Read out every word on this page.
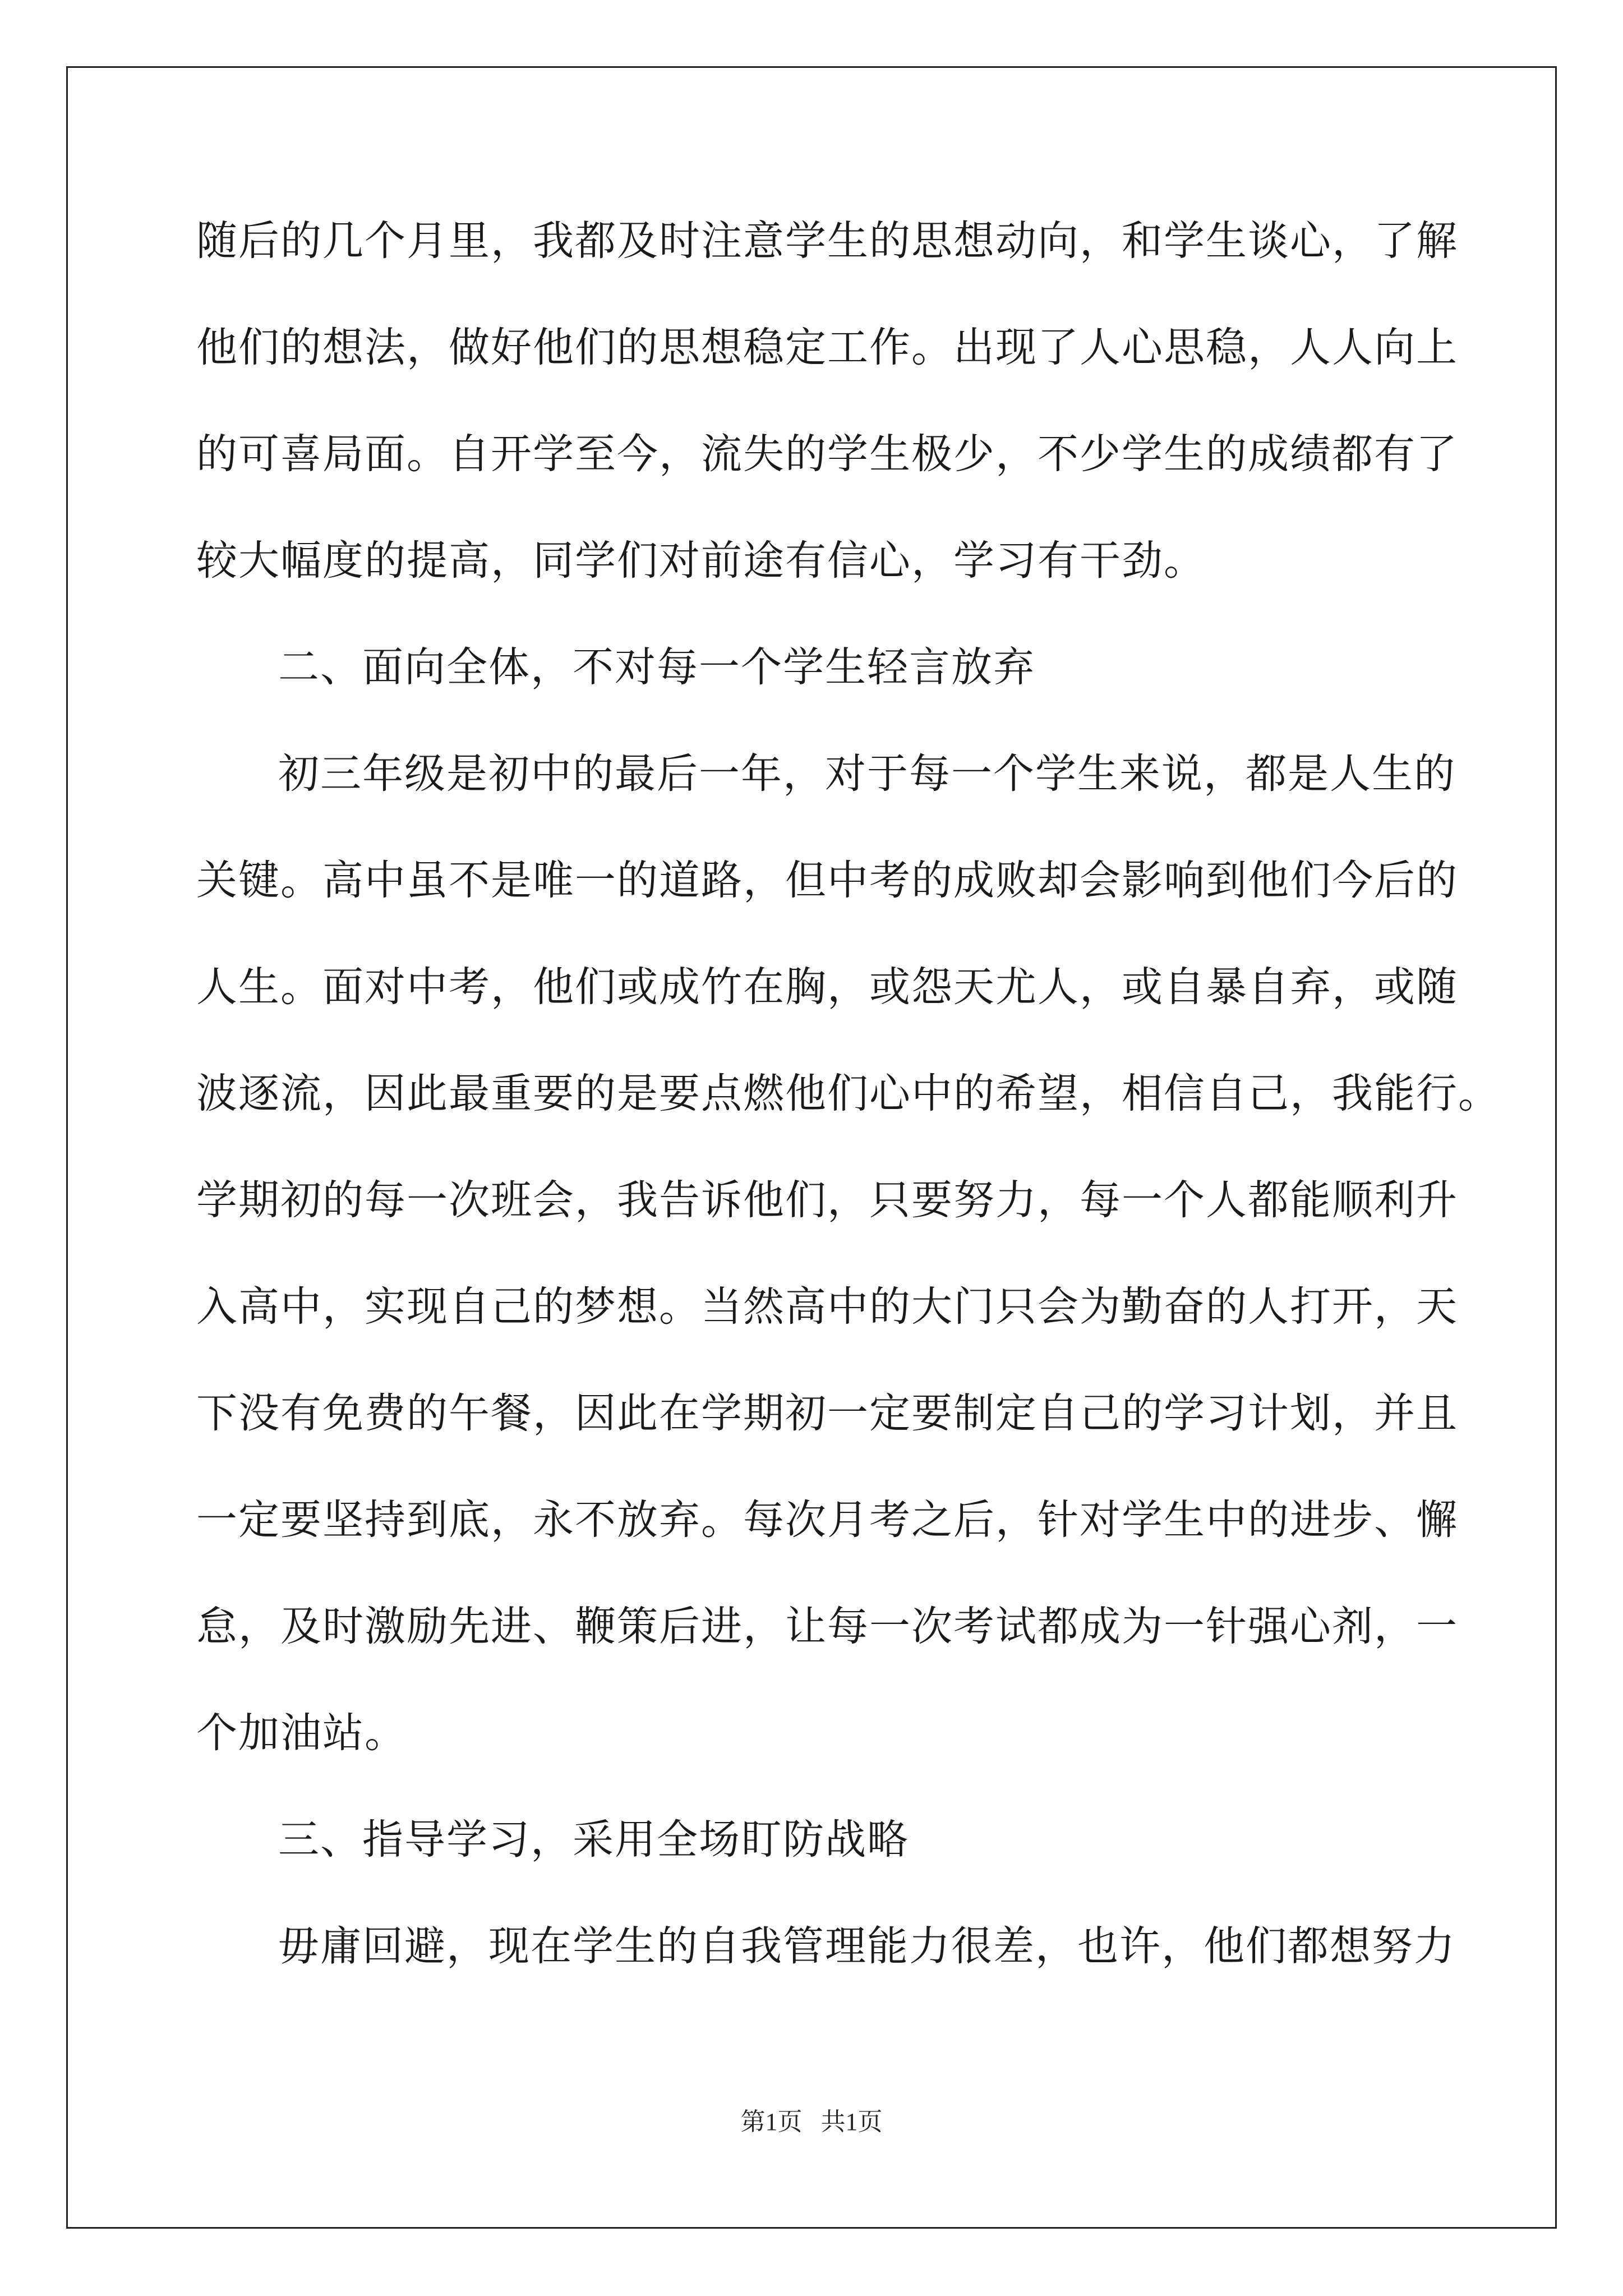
随后的几个月里，我都及时注意学生的思想动向，和学生谈心，了解
他们的想法，做好他们的思想稳定工作。出现了人心思稳，人人向上
的可喜局面。自开学至今，流失的学生极少，不少学生的成绩都有了
较大幅度的提高，同学们对前途有信心，学习有干劲。
二、面向全体，不对每一个学生轻言放弃
初三年级是初中的最后一年，对于每一个学生来说，都是人生的
关键。高中虽不是唯一的道路，但中考的成败却会影响到他们今后的
人生。面对中考，他们或成竹在胸，或怨天尤人，或自暴自弃，或随
波逐流，因此最重要的是要点燃他们心中的希望，相信自己，我能行。
学期初的每一次班会，我告诉他们，只要努力，每一个人都能顺利升
入高中，实现自己的梦想。当然高中的大门只会为勤奋的人打开，天
下没有免费的午餐，因此在学期初一定要制定自己的学习计划，并且
一定要坚持到底，永不放弃。每次月考之后，针对学生中的进步、懈
怠，及时激励先进、鞭策后进，让每一次考试都成为一针强心剂，一
个加油站。
三、指导学习，采用全场盯防战略
毋庸回避，现在学生的自我管理能力很差，也许，他们都想努力
第1页   共1页
